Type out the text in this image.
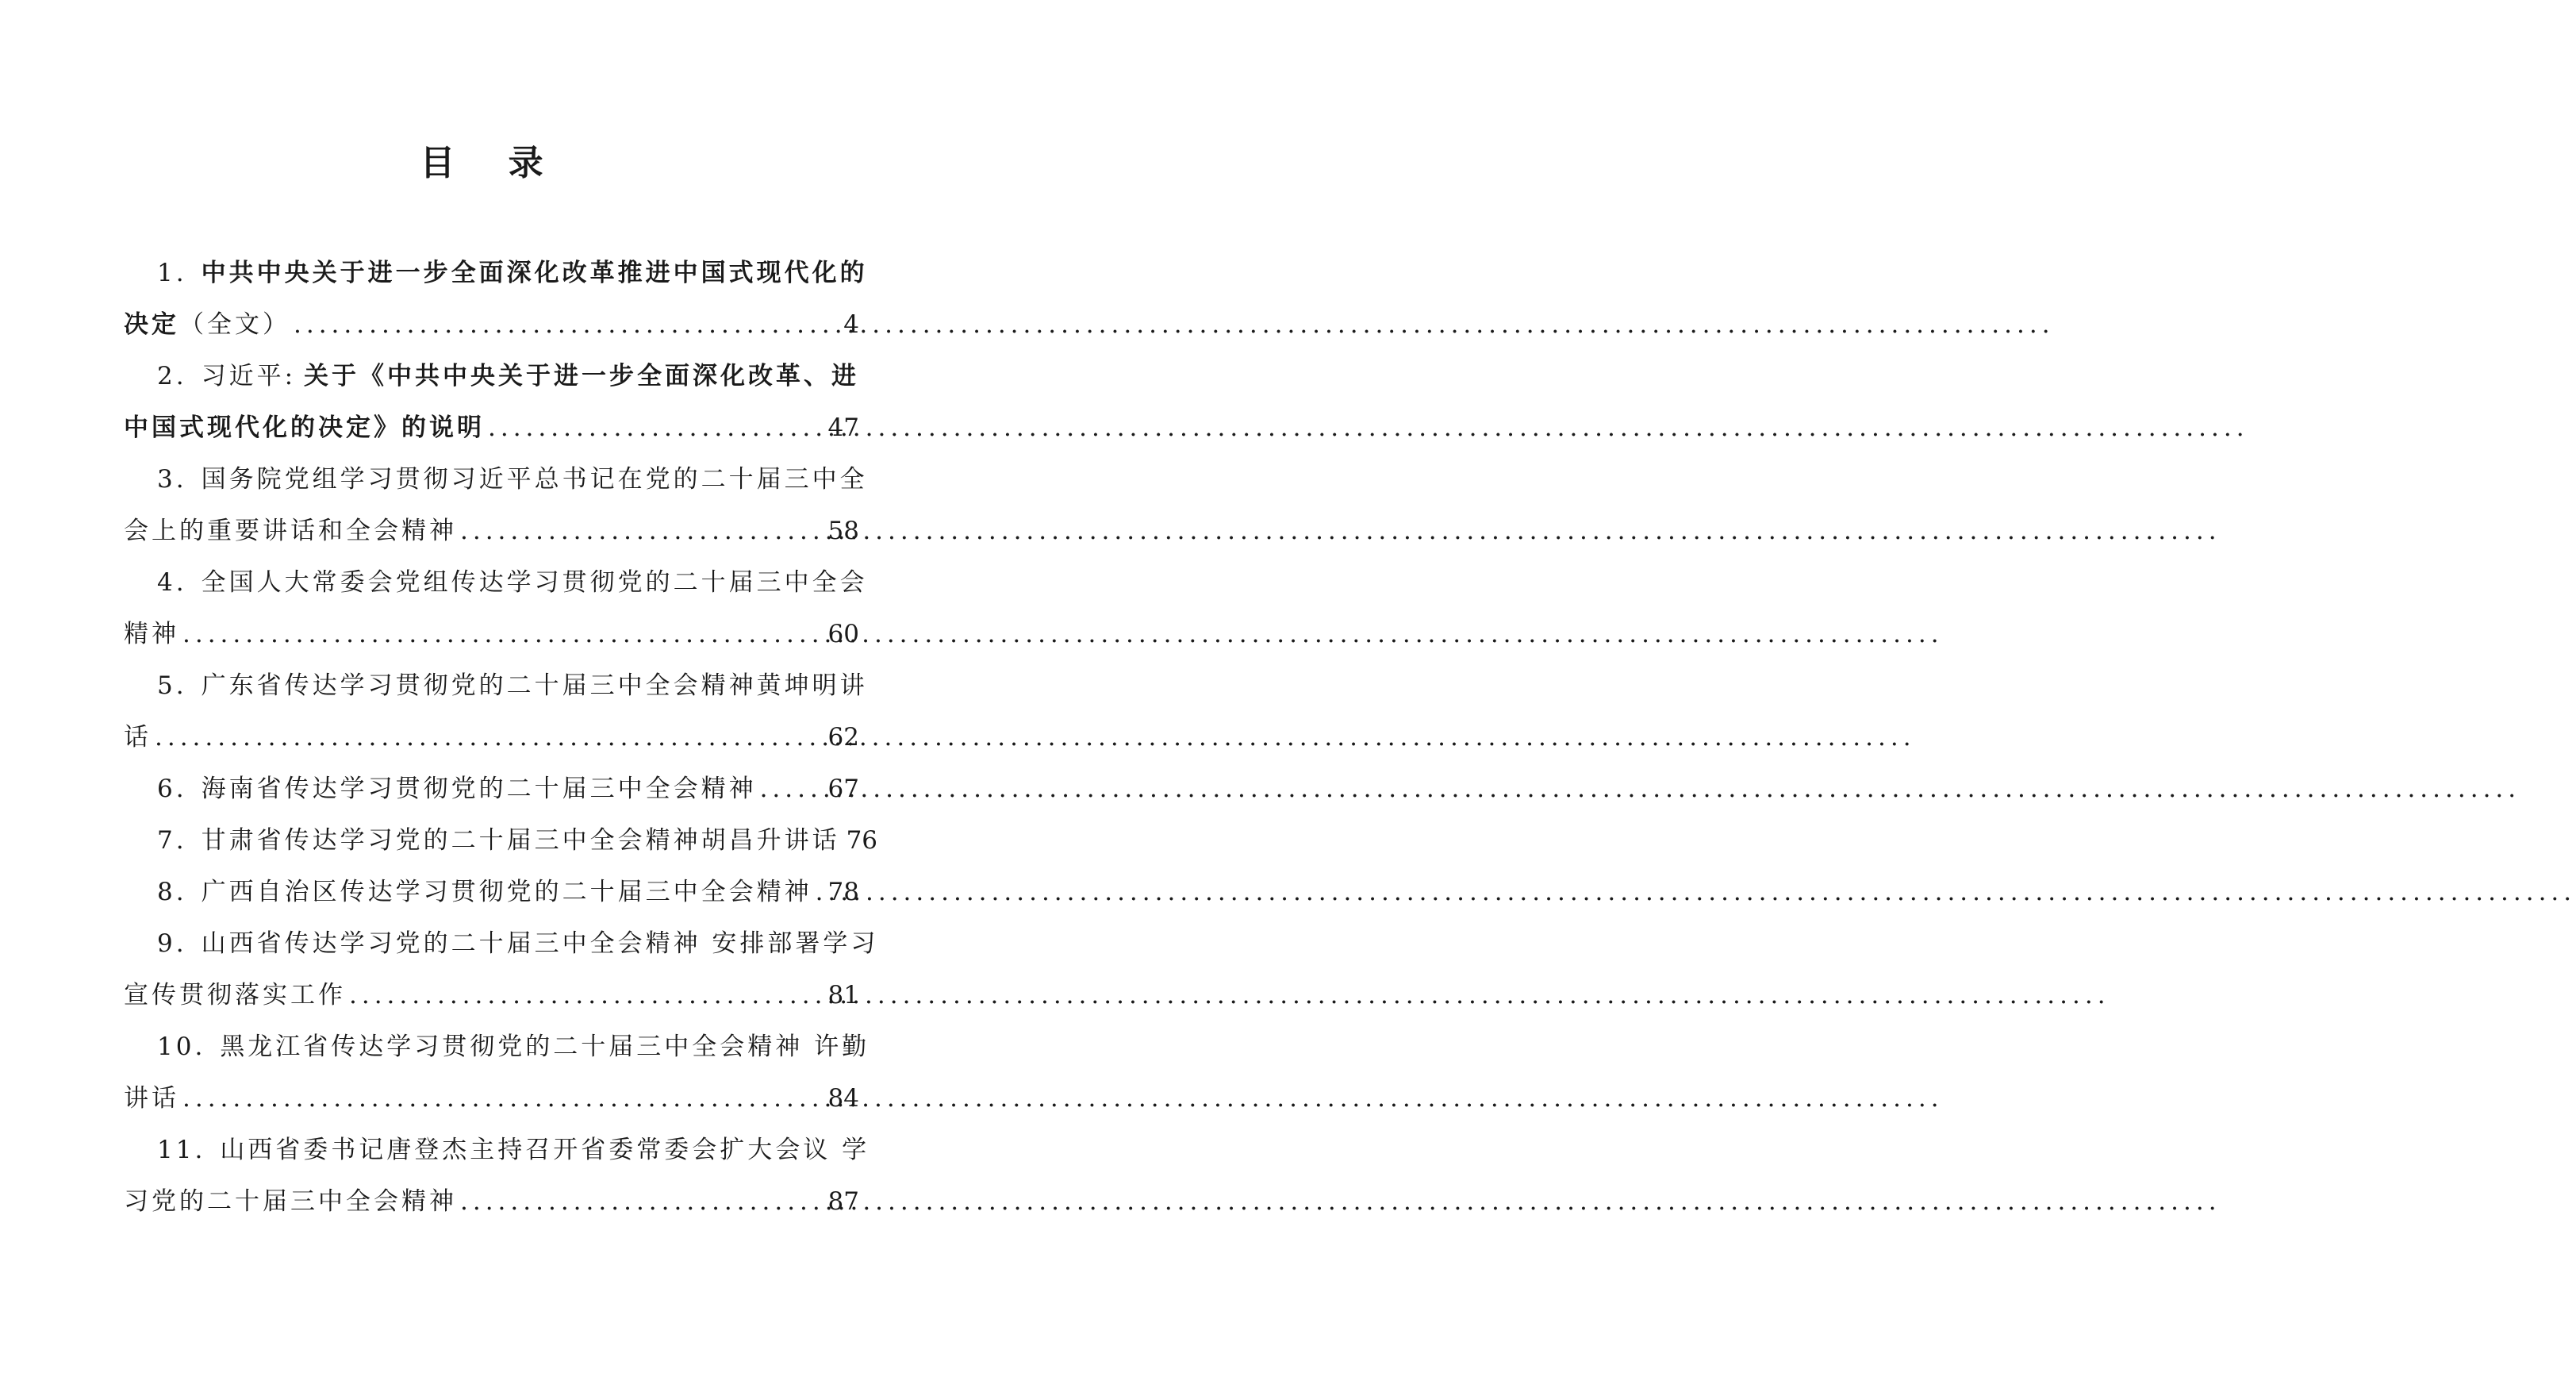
目 录
1. 中共中央关于进一步全面深化改革推进中国式现代化的
决定 （全文） .....	4
2. 习近平: 关于《中共中央关于进一步全面深化改革、进
中国式现代化的决定》的说明 .....	47
3. 国务院党组学习贯彻习近平总书记在党的二十届三中全
会上的重要讲话和全会精神 .....	58
4. 全国人大常委会党组传达学习贯彻党的二十届三中全会
精神 .....	60
5. 广东省传达学习贯彻党的二十届三中全会精神黄坤明讲
话 .....	62
6. 海南省传达学习贯彻党的二十届三中全会精神 .....	67
7. 甘肃省传达学习党的二十届三中全会精神胡昌升讲话 76
8. 广西自治区传达学习贯彻党的二十届三中全会精神 ..... 78
9. 山西省传达学习党的二十届三中全会精神 安排部署学习
宣传贯彻落实工作 .....	81
10. 黑龙江省传达学习贯彻党的二十届三中全会精神 许勤
讲话 .....	84
11. 山西省委书记唐登杰主持召开省委常委会扩大会议 学
习党的二十届三中全会精神 .....	87
